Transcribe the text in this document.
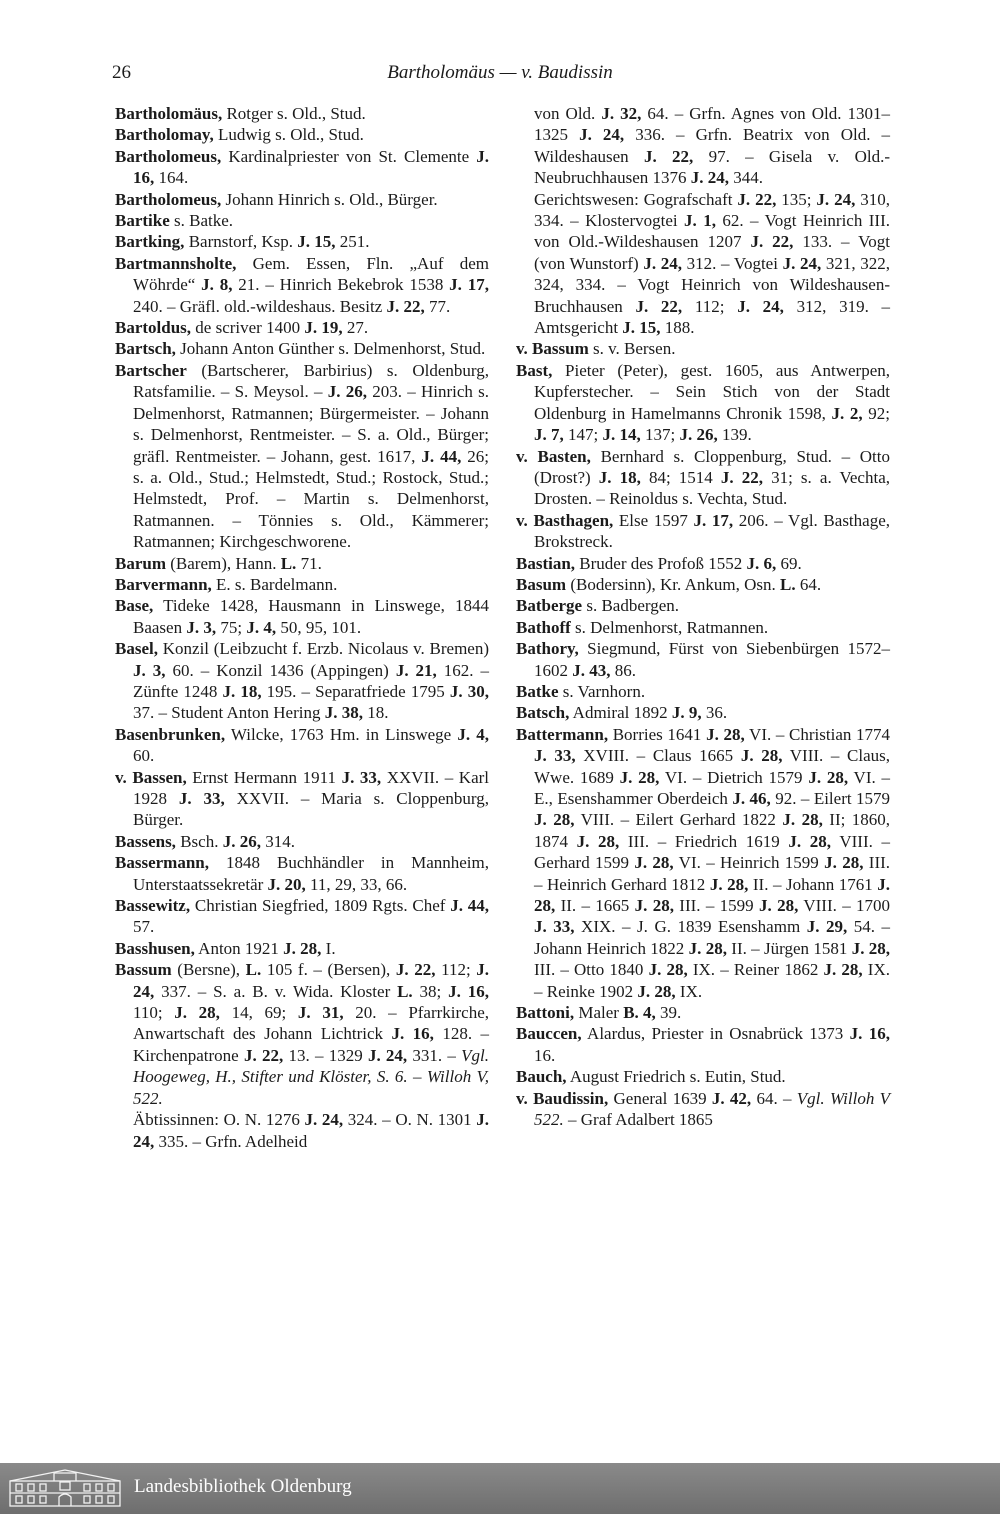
26	Bartholomäus — v. Baudissin

Bartholomäus, Rotger s. Old., Stud.

Bartholomay, Ludwig s. Old., Stud.

Bartholomeus, Kardinalpriester von St. Clemente J. 16, 164.

Bartholomeus, Johann Hinrich s. Old., Bürger.

Bartike s. Batke.

Bartking, Barnstorf, Ksp. J. 15, 251.

Bartmannsholte, Gem. Essen, Fln. „Auf dem Wöhrde“ J. 8, 21. – Hinrich Bekebrok 1538 J. 17, 240. – Gräfl. old.-wildeshaus. Besitz J. 22, 77.

Bartoldus, de scriver 1400 J. 19, 27.

Bartsch, Johann Anton Günther s. Delmenhorst, Stud.

Bartscher (Bartscherer, Barbirius) s. Oldenburg, Ratsfamilie. – S. Meysol. – J. 26, 203. – Hinrich s. Delmenhorst, Ratmannen; Bürgermeister. – Johann s. Delmenhorst, Rentmeister. – S. a. Old., Bürger; gräfl. Rentmeister. – Johann, gest. 1617, J. 44, 26; s. a. Old., Stud.; Helmstedt, Stud.; Rostock, Stud.; Helmstedt, Prof. – Martin s. Delmenhorst, Ratmannen. – Tönnies s. Old., Kämmerer; Ratmannen; Kirchgeschworene.

Barum (Barem), Hann. L. 71.

Barvermann, E. s. Bardelmann.

Base, Tideke 1428, Hausmann in Linswege, 1844 Baasen J. 3, 75; J. 4, 50, 95, 101.

Basel, Konzil (Leibzucht f. Erzb. Nicolaus v. Bremen) J. 3, 60. – Konzil 1436 (Appingen) J. 21, 162. – Zünfte 1248 J. 18, 195. – Separatfriede 1795 J. 30, 37. – Student Anton Hering J. 38, 18.

Basenbrunken, Wilcke, 1763 Hm. in Linswege J. 4, 60.

v. Bassen, Ernst Hermann 1911 J. 33, XXVII. – Karl 1928 J. 33, XXVII. – Maria s. Cloppenburg, Bürger.

Bassens, Bsch. J. 26, 314.

Bassermann, 1848 Buchhändler in Mannheim, Unterstaatssekretär J. 20, 11, 29, 33, 66.

Bassewitz, Christian Siegfried, 1809 Rgts. Chef J. 44, 57.

Basshusen, Anton 1921 J. 28, I.

Bassum (Bersne), L. 105 f. – (Bersen), J. 22, 112; J. 24, 337. – S. a. B. v. Wida. Kloster L. 38; J. 16, 110; J. 28, 14, 69; J. 31, 20. – Pfarrkirche, Anwartschaft des Johann Lichtrick J. 16, 128. – Kirchenpatrone J. 22, 13. – 1329 J. 24, 331. – Vgl. Hoogeweg, H., Stifter und Klöster, S. 6. – Willoh V, 522.

Äbtissinnen: O. N. 1276 J. 24, 324. – O. N. 1301 J. 24, 335. – Grfn. Adelheid

von Old. J. 32, 64. – Grfn. Agnes von Old. 1301–1325 J. 24, 336. – Grfn. Beatrix von Old. – Wildeshausen J. 22, 97. – Gisela v. Old.-Neubruchhausen 1376 J. 24, 344.

Gerichtswesen: Gografschaft J. 22, 135; J. 24, 310, 334. – Klostervogtei J. 1, 62. – Vogt Heinrich III. von Old.-Wildeshausen 1207 J. 22, 133. – Vogt (von Wunstorf) J. 24, 312. – Vogtei J. 24, 321, 322, 324, 334. – Vogt Heinrich von Wildeshausen-Bruchhausen J. 22, 112; J. 24, 312, 319. – Amtsgericht J. 15, 188.

v. Bassum s. v. Bersen.

Bast, Pieter (Peter), gest. 1605, aus Antwerpen, Kupferstecher. – Sein Stich von der Stadt Oldenburg in Hamelmanns Chronik 1598, J. 2, 92; J. 7, 147; J. 14, 137; J. 26, 139.

v. Basten, Bernhard s. Cloppenburg, Stud. – Otto (Drost?) J. 18, 84; 1514 J. 22, 31; s. a. Vechta, Drosten. – Reinoldus s. Vechta, Stud.

v. Basthagen, Else 1597 J. 17, 206. – Vgl. Basthage, Brokstreck.

Bastian, Bruder des Profoß 1552 J. 6, 69.

Basum (Bodersinn), Kr. Ankum, Osn. L. 64.

Batberge s. Badbergen.

Bathoff s. Delmenhorst, Ratmannen.

Bathory, Siegmund, Fürst von Siebenbürgen 1572–1602 J. 43, 86.

Batke s. Varnhorn.

Batsch, Admiral 1892 J. 9, 36.

Battermann, Borries 1641 J. 28, VI. – Christian 1774 J. 33, XVIII. – Claus 1665 J. 28, VIII. – Claus, Wwe. 1689 J. 28, VI. – Dietrich 1579 J. 28, VI. – E., Esenshammer Oberdeich J. 46, 92. – Eilert 1579 J. 28, VIII. – Eilert Gerhard 1822 J. 28, II; 1860, 1874 J. 28, III. – Friedrich 1619 J. 28, VIII. – Gerhard 1599 J. 28, VI. – Heinrich 1599 J. 28, III. – Heinrich Gerhard 1812 J. 28, II. – Johann 1761 J. 28, II. – 1665 J. 28, III. – 1599 J. 28, VIII. – 1700 J. 33, XIX. – J. G. 1839 Esenshamm J. 29, 54. – Johann Heinrich 1822 J. 28, II. – Jürgen 1581 J. 28, III. – Otto 1840 J. 28, IX. – Reiner 1862 J. 28, IX. – Reinke 1902 J. 28, IX.

Battoni, Maler B. 4, 39.

Bauccen, Alardus, Priester in Osnabrück 1373 J. 16, 16.

Bauch, August Friedrich s. Eutin, Stud.

v. Baudissin, General 1639 J. 42, 64. – Vgl. Willoh V 522. – Graf Adalbert 1865

Landesbibliothek Oldenburg
